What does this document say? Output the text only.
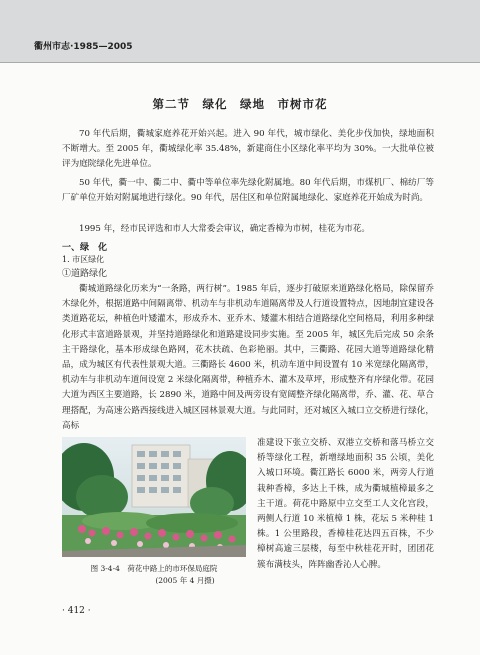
衢州市志·1985—2005
第二节　绿化　绿地　市树市花

70 年代后期，衢城家庭养花开始兴起。进入 90 年代，城市绿化、美化步伐加快，绿地面积不断增大。至 2005 年，衢城绿化率 35.48%，新建商住小区绿化率平均为 30%。一大批单位被评为庭院绿化先进单位。

50 年代，衢一中、衢二中、衢中等单位率先绿化附属地。80 年代后期，市煤机厂、棉纺厂等厂矿单位开始对附属地进行绿化。90 年代，居住区和单位附属地绿化、家庭养花开始成为时尚。

1995 年，经市民评选和市人大常委会审议，确定香樟为市树，桂花为市花。

一、绿　化
1. 市区绿化
①道路绿化

衢城道路绿化历来为“一条路，两行树”。1985 年后，逐步打破原来道路绿化格局，除保留乔木绿化外，根据道路中间隔离带、机动车与非机动车道隔离带及人行道设置特点，因地制宜建设各类道路花坛，种植色叶矮灌木，形成乔木、亚乔木、矮灌木相结合道路绿化空间格局，利用多种绿化形式丰富道路景观，并坚持道路绿化和道路建设同步实施。至 2005 年，城区先后完成 50 余条主干路绿化，基本形成绿色路网，花木扶疏、色彩艳丽。其中，三衢路、花园大道等道路绿化精品，成为城区有代表性景观大道。三衢路长 4600 米，机动车道中间设置有 10 米宽绿化隔离带，机动车与非机动车道间设宽 2 米绿化隔离带，种植乔木、灌木及草坪，形成整齐有序绿化带。花园大道为西区主要道路，长 2890 米，道路中间及两旁设有宽阔整齐绿化隔离带，乔、灌、花、草合理搭配，为高速公路西接线进入城区园林景观大道。与此同时，还对城区入城口立交桥进行绿化，高标

准建设下张立交桥、双港立交桥和落马桥立交桥等绿化工程，新增绿地面积 35 公顷，美化入城口环境。衢江路长 6000 米，两旁人行道栽种香樟，多达上千株，成为衢城植樟最多之主干道。荷花中路原中立交至工人文化宫段，两侧人行道 10 米植樟 1 株，花坛 5 米种桂 1 株。1 公里路段，香樟桂花达四五百株，不少樟树高逾三层楼，每至中秋桂花开时，团团花簇布满枝头，阵阵幽香沁人心脾。

图 3-4-4　荷花中路上的市环保局庭院
(2005 年 4 月摄)
· 412 ·
